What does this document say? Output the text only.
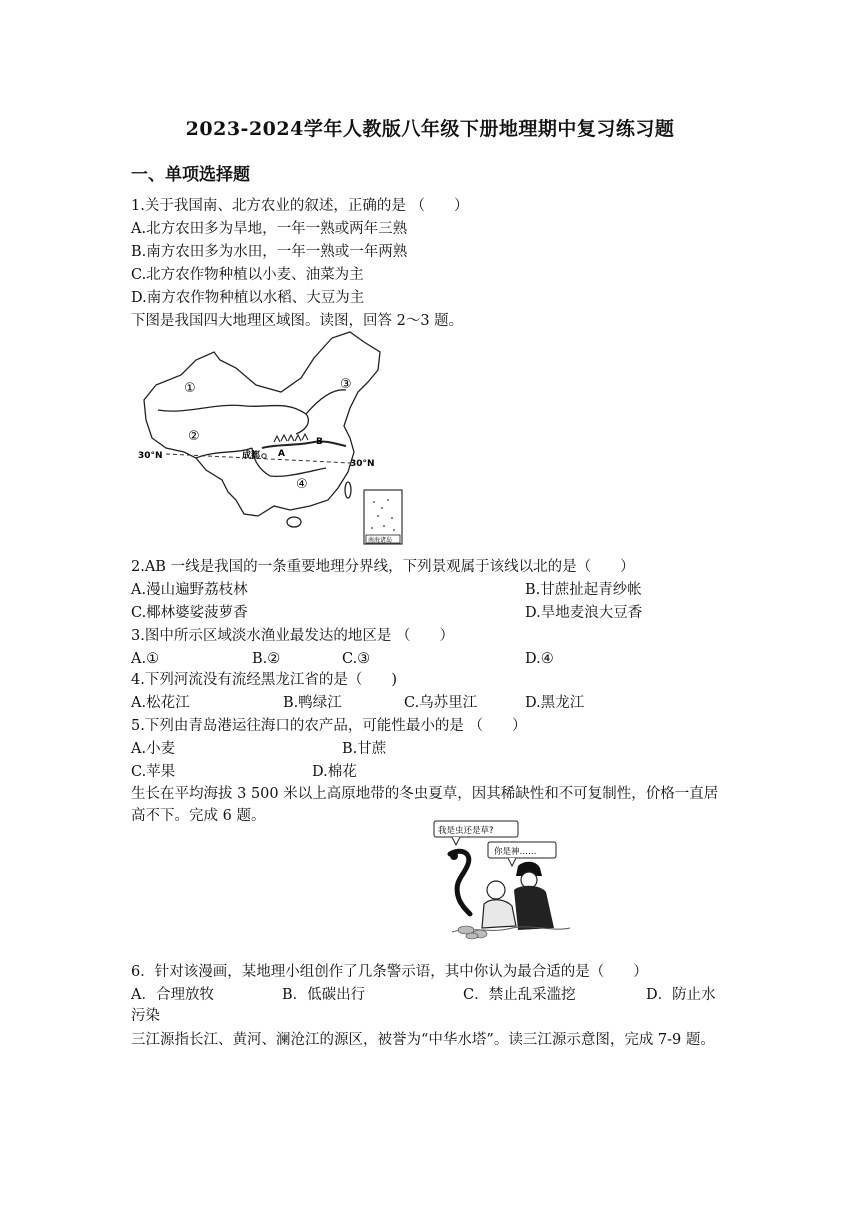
2023-2024学年人教版八年级下册地理期中复习练习题
一、单项选择题
1.关于我国南、北方农业的叙述，正确的是 （　　）
A.北方农田多为旱地，一年一熟或两年三熟
B.南方农田多为水田，一年一熟或一年两熟
C.北方农作物种植以小麦、油菜为主
D.南方农作物种植以水稻、大豆为主
下图是我国四大地理区域图。读图，回答 2～3 题。
①
②
③
④
A
B
成都
30°N
30°N
南海诸岛
2.AB 一线是我国的一条重要地理分界线，下列景观属于该线以北的是（　　）
A.漫山遍野荔枝林	B.甘蔗扯起青纱帐
C.椰林婆娑菠萝香	D.旱地麦浪大豆香
3.图中所示区域淡水渔业最发达的地区是 （　　）
A.①	B.②	C.③	D.④
4.下列河流没有流经黑龙江省的是（　　)
A.松花江	B.鸭绿江	C.乌苏里江	D.黑龙江
5.下列由青岛港运往海口的农产品，可能性最小的是 （　　）
A.小麦	B.甘蔗
C.苹果	D.棉花
生长在平均海拔 3 500 米以上高原地带的冬虫夏草，因其稀缺性和不可复制性，价格一直居高不下。完成 6 题。
我是虫还是草?
你是神……
6．针对该漫画，某地理小组创作了几条警示语，其中你认为最合适的是（　　）
A．合理放牧	B．低碳出行	C．禁止乱采滥挖	D．防止水
污染
三江源指长江、黄河、澜沧江的源区，被誉为“中华水塔”。读三江源示意图，完成 7-9 题。
